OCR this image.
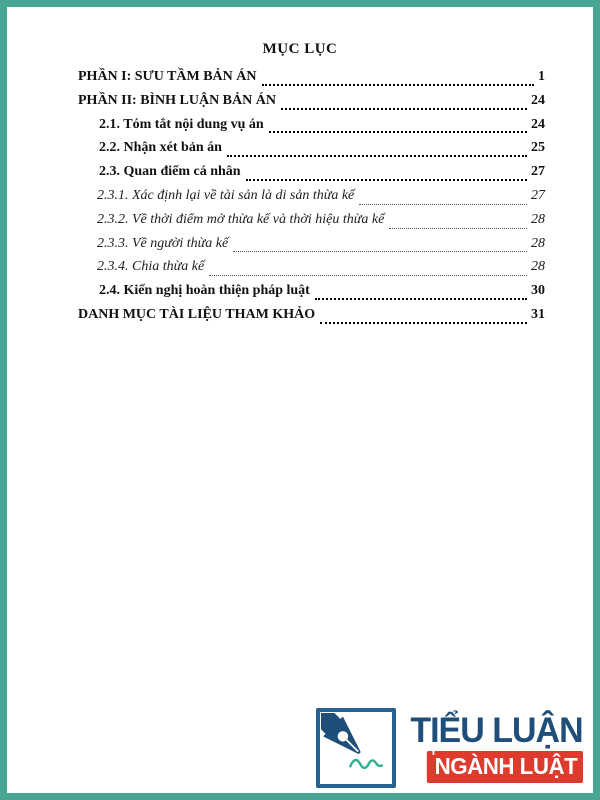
MỤC LỤC
PHẦN I: SƯU TẦM BẢN ÁN	1
PHẦN II: BÌNH LUẬN BẢN ÁN	24
2.1. Tóm tắt nội dung vụ án	24
2.2. Nhận xét bản án	25
2.3. Quan điểm cá nhân	27
2.3.1. Xác định lại về tài sản là di sản thừa kế	27
2.3.2. Về thời điểm mở thừa kế và thời hiệu thừa kế	28
2.3.3. Về người thừa kế	28
2.3.4. Chia thừa kế	28
2.4. Kiến nghị hoàn thiện pháp luật	30
DANH MỤC TÀI LIỆU THAM KHẢO	31
TIỂU LUẬN
' NGÀNH LUẬT
